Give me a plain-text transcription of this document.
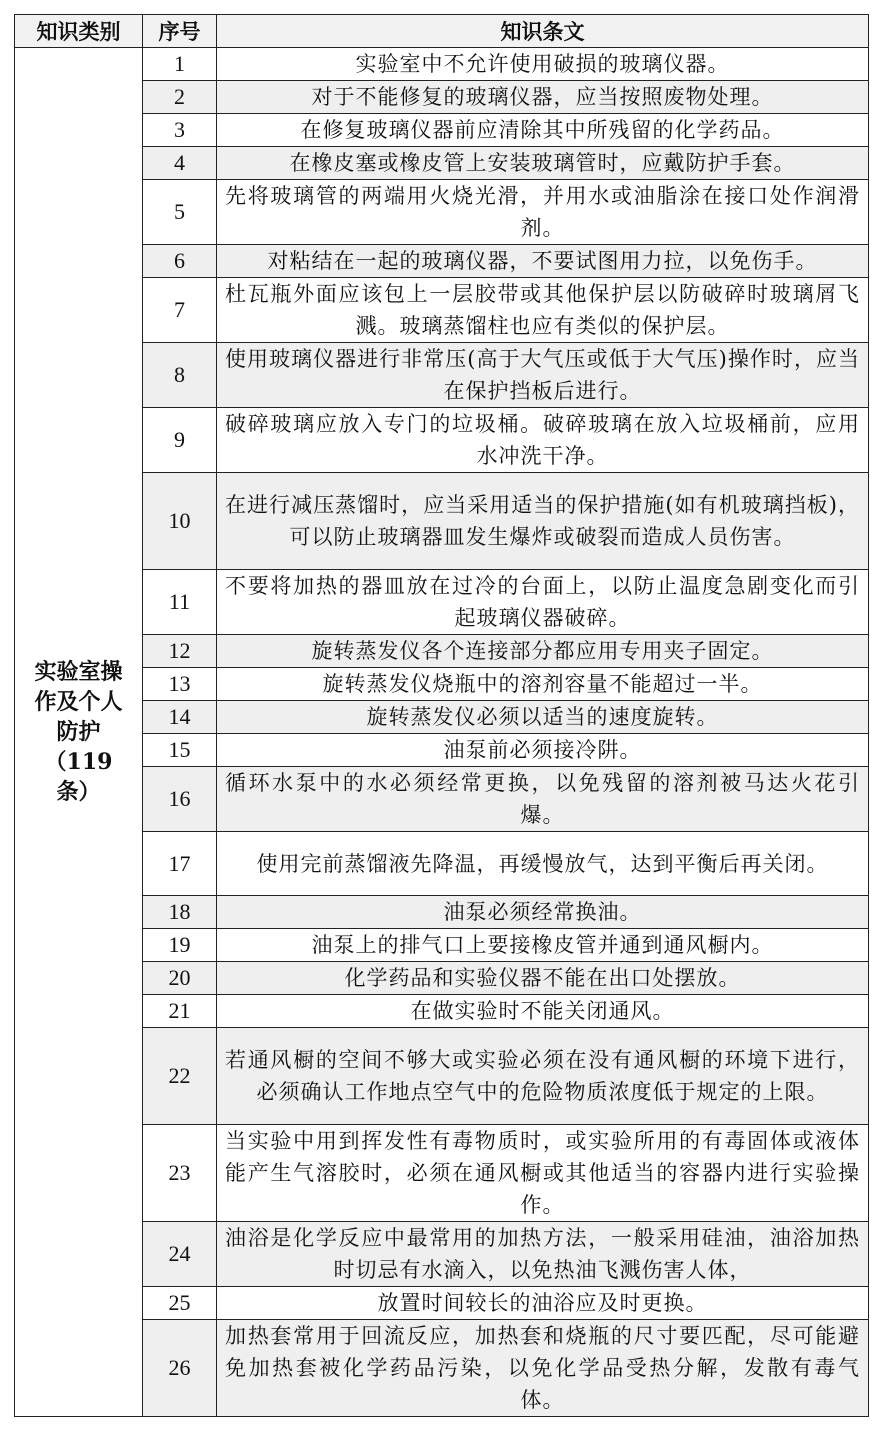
知识类别	序号	知识条文

实验室操
作及个人
防护
（119
条）	1	实验室中不允许使用破损的玻璃仪器。
	2	对于不能修复的玻璃仪器，应当按照废物处理。
	3	在修复玻璃仪器前应清除其中所残留的化学药品。
	4	在橡皮塞或橡皮管上安装玻璃管时，应戴防护手套。
	5	先将玻璃管的两端用火烧光滑，并用水或油脂涂在接口处作润滑剂。
	6	对粘结在一起的玻璃仪器，不要试图用力拉，以免伤手。
	7	杜瓦瓶外面应该包上一层胶带或其他保护层以防破碎时玻璃屑飞溅。玻璃蒸馏柱也应有类似的保护层。
	8	使用玻璃仪器进行非常压(高于大气压或低于大气压)操作时，应当在保护挡板后进行。
	9	破碎玻璃应放入专门的垃圾桶。破碎玻璃在放入垃圾桶前，应用水冲洗干净。
	10	在进行减压蒸馏时，应当采用适当的保护措施(如有机玻璃挡板)，可以防止玻璃器皿发生爆炸或破裂而造成人员伤害。
	11	不要将加热的器皿放在过冷的台面上，以防止温度急剧变化而引起玻璃仪器破碎。
	12	旋转蒸发仪各个连接部分都应用专用夹子固定。
	13	旋转蒸发仪烧瓶中的溶剂容量不能超过一半。
	14	旋转蒸发仪必须以适当的速度旋转。
	15	油泵前必须接冷阱。
	16	循环水泵中的水必须经常更换，以免残留的溶剂被马达火花引爆。
	17	使用完前蒸馏液先降温，再缓慢放气，达到平衡后再关闭。
	18	油泵必须经常换油。
	19	油泵上的排气口上要接橡皮管并通到通风橱内。
	20	化学药品和实验仪器不能在出口处摆放。
	21	在做实验时不能关闭通风。
	22	若通风橱的空间不够大或实验必须在没有通风橱的环境下进行，必须确认工作地点空气中的危险物质浓度低于规定的上限。
	23	当实验中用到挥发性有毒物质时，或实验所用的有毒固体或液体能产生气溶胶时，必须在通风橱或其他适当的容器内进行实验操作。
	24	油浴是化学反应中最常用的加热方法，一般采用硅油，油浴加热时切忌有水滴入，以免热油飞溅伤害人体，
	25	放置时间较长的油浴应及时更换。
	26	加热套常用于回流反应，加热套和烧瓶的尺寸要匹配，尽可能避免加热套被化学药品污染，以免化学品受热分解，发散有毒气体。
